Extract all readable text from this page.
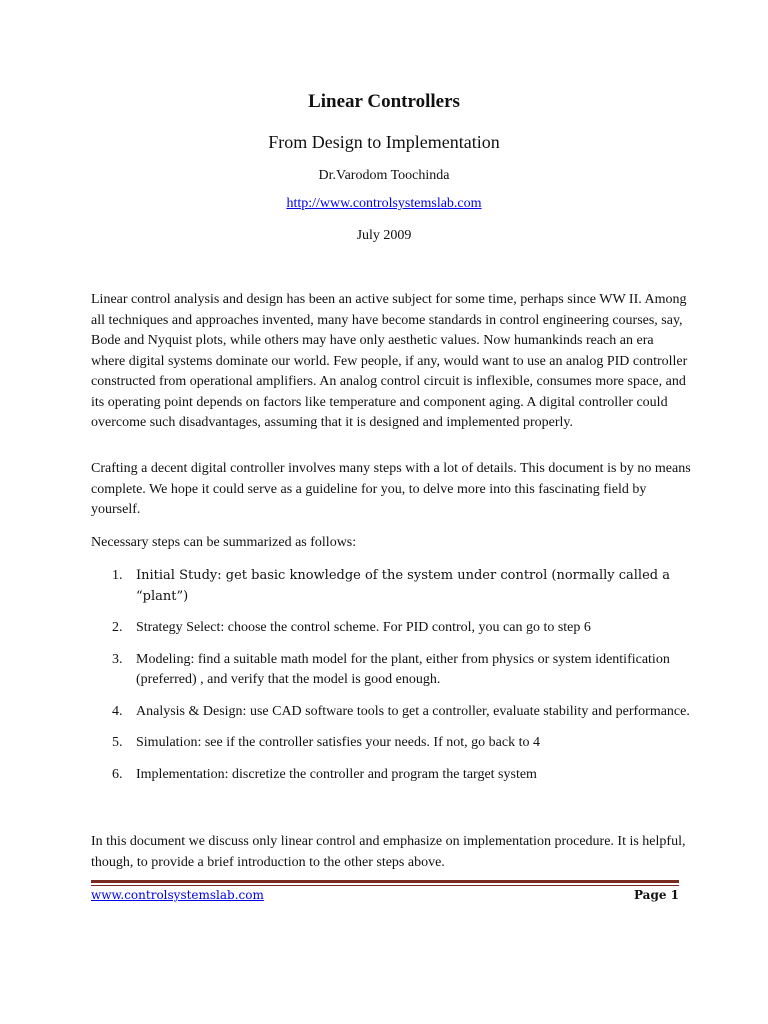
Linear Controllers
From Design to Implementation
Dr.Varodom Toochinda
http://www.controlsystemslab.com
July 2009

Linear control analysis and design has been an active subject for some time, perhaps since WW II. Among all techniques and approaches invented, many have become standards in control engineering courses, say, Bode and Nyquist plots, while others may have only aesthetic values. Now humankinds reach an era where digital systems dominate our world. Few people, if any, would want to use an analog PID controller constructed from operational amplifiers. An analog control circuit is inflexible, consumes more space, and its operating point depends on factors like temperature and component aging. A digital controller could overcome such disadvantages, assuming that it is designed and implemented properly.

Crafting a decent digital controller involves many steps with a lot of details. This document is by no means complete. We hope it could serve as a guideline for you, to delve more into this fascinating field by yourself.

Necessary steps can be summarized as follows:

1. Initial Study: get basic knowledge of the system under control (normally called a “plant”)
2. Strategy Select: choose the control scheme. For PID control, you can go to step 6
3. Modeling: find a suitable math model for the plant, either from physics or system identification (preferred) , and verify that the model is good enough.
4. Analysis & Design: use CAD software tools to get a controller, evaluate stability and performance.
5. Simulation: see if the controller satisfies your needs. If not, go back to 4
6. Implementation: discretize the controller and program the target system

In this document we discuss only linear control and emphasize on implementation procedure. It is helpful, though, to provide a brief introduction to the other steps above.

www.controlsystemslab.com	Page 1
